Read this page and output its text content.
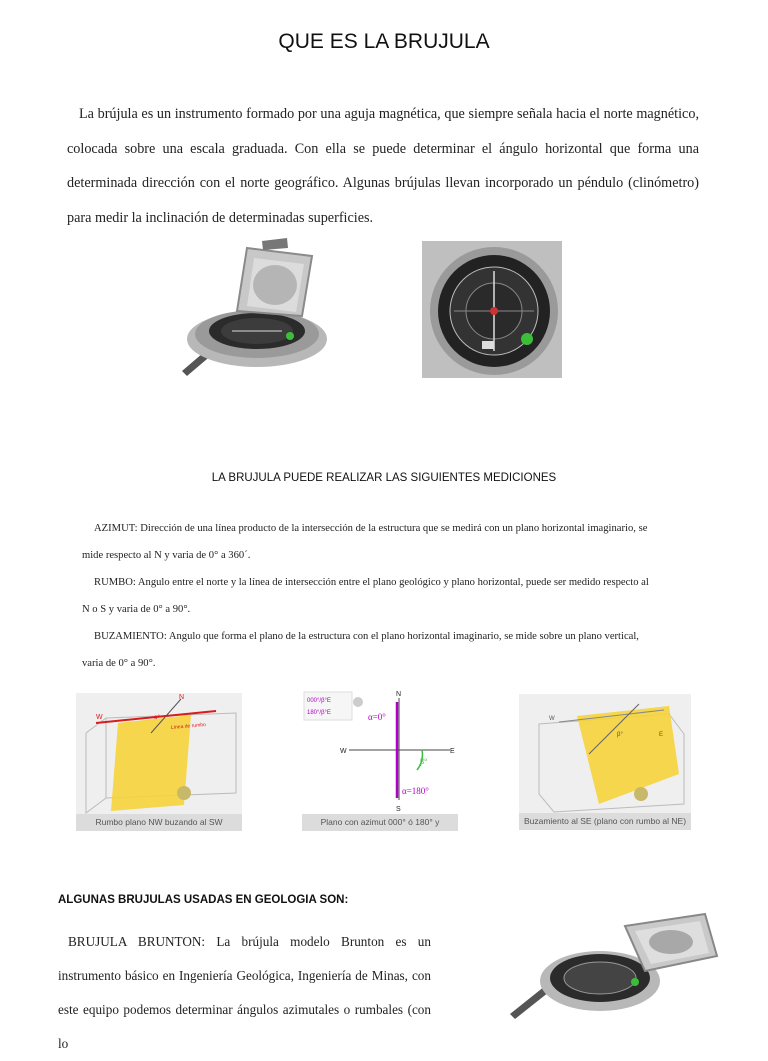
QUE ES LA BRUJULA

La brújula es un instrumento formado por una aguja magnética, que siempre señala hacia el norte magnético, colocada sobre una escala graduada. Con ella se puede determinar el ángulo horizontal que forma una determinada dirección con el norte geográfico. Algunas brújulas llevan incorporado un péndulo (clinómetro) para medir la inclinación de determinadas superficies.

LA BRUJULA PUEDE REALIZAR LAS SIGUIENTES MEDICIONES

AZIMUT: Dirección de una línea producto de la intersección de la estructura que se medirá con un plano horizontal imaginario, se

mide respecto al N y varia de 0° a 360´.

RUMBO: Angulo entre el norte y la línea de intersección entre el plano geológico y plano horizontal, puede ser medido respecto al

N o S y varia de 0° a 90°.

BUZAMIENTO: Angulo que forma el plano de la estructura con el plano horizontal imaginario, se mide sobre un plano vertical,

varia de 0° a 90°.

N
W	α°
Línea de rumbo
Rumbo plano NW buzando al SW
000°/β°E
180°/β°E
N
S
W	E
α=0°
α=180°
β°
Plano con azimut 000° ó 180° y
W
E
β°
Buzamiento al SE (plano con rumbo al NE)
ALGUNAS BRUJULAS USADAS EN GEOLOGIA SON:

BRUJULA BRUNTON: La brújula modelo Brunton es un instrumento básico en Ingeniería Geológica, Ingeniería de Minas, con este equipo podemos determinar ángulos azimutales o rumbales (con lo
